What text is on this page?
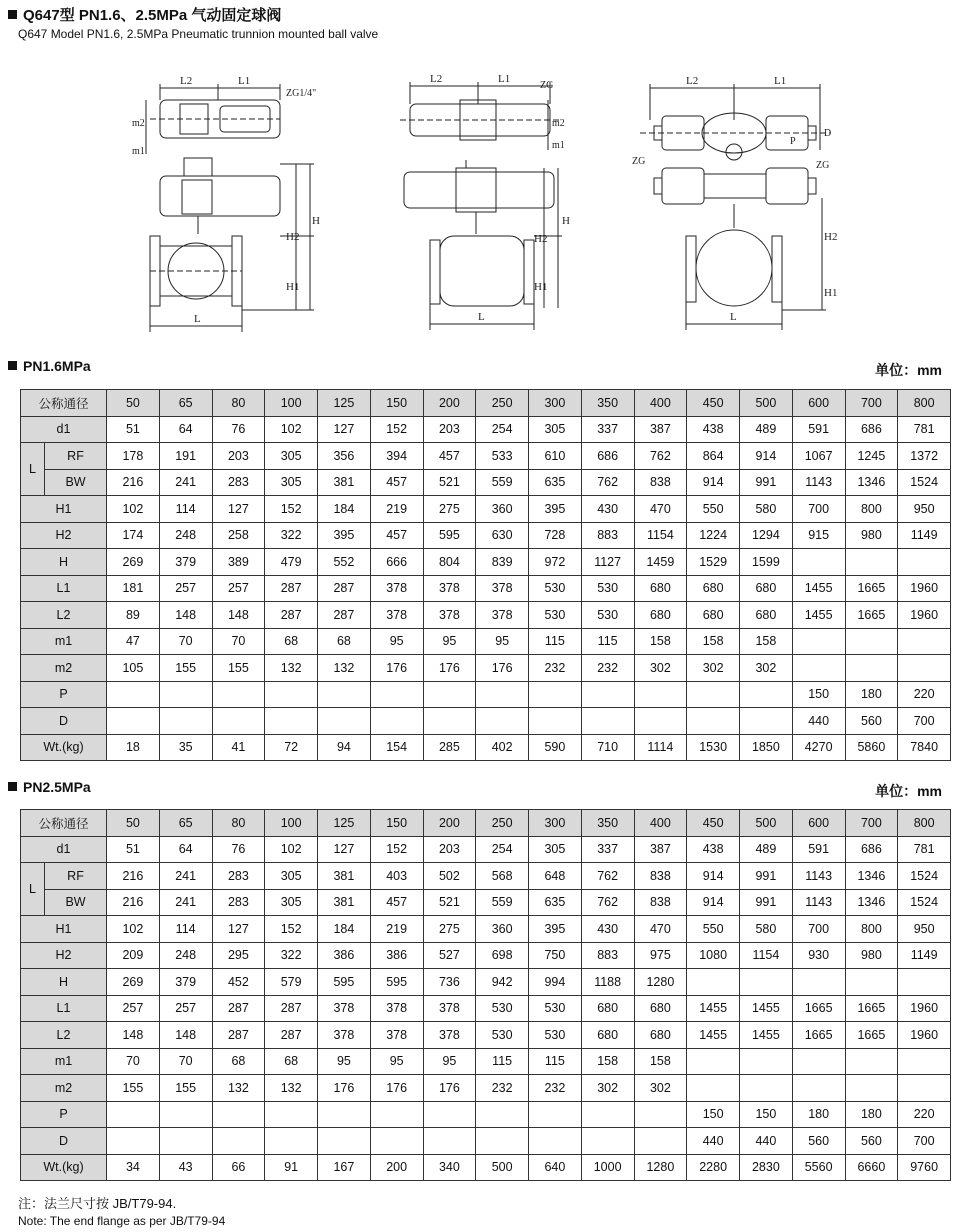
Q647型 PN1.6、2.5MPa 气动固定球阀
Q647 Model PN1.6, 2.5MPa Pneumatic trunnion mounted ball valve
L2	L1
ZG1/4"
m2
m1
H2
H
H1
L
L2	L1
ZG
m2
m1
H2
H
H1
L
L2	L1
P
D
ZG	ZG
H2
H1
L
PN1.6MPa	单位：mm
公称通径		50	65	80	100	125	150	200	250	300	350	400	450	500	600	700	800
d1		51	64	76	102	127	152	203	254	305	337	387	438	489	591	686	781
L	RF	178	191	203	305	356	394	457	533	610	686	762	864	914	1067	1245	1372
	BW	216	241	283	305	381	457	521	559	635	762	838	914	991	1143	1346	1524
H1		102	114	127	152	184	219	275	360	395	430	470	550	580	700	800	950
H2		174	248	258	322	395	457	595	630	728	883	1154	1224	1294	915	980	1149
H		269	379	389	479	552	666	804	839	972	1127	1459	1529	1599			
L1		181	257	257	287	287	378	378	378	530	530	680	680	680	1455	1665	1960
L2		89	148	148	287	287	378	378	378	530	530	680	680	680	1455	1665	1960
m1		47	70	70	68	68	95	95	95	115	115	158	158	158			
m2		105	155	155	132	132	176	176	176	232	232	302	302	302			
P															150	180	220
D															440	560	700
Wt.(kg)		18	35	41	72	94	154	285	402	590	710	1114	1530	1850	4270	5860	7840
PN2.5MPa	单位：mm
公称通径		50	65	80	100	125	150	200	250	300	350	400	450	500	600	700	800
d1		51	64	76	102	127	152	203	254	305	337	387	438	489	591	686	781
L	RF	216	241	283	305	381	403	502	568	648	762	838	914	991	1143	1346	1524
	BW	216	241	283	305	381	457	521	559	635	762	838	914	991	1143	1346	1524
H1		102	114	127	152	184	219	275	360	395	430	470	550	580	700	800	950
H2		209	248	295	322	386	386	527	698	750	883	975	1080	1154	930	980	1149
H		269	379	452	579	595	595	736	942	994	1188	1280					
L1		257	257	287	287	378	378	378	530	530	680	680	1455	1455	1665	1665	1960
L2		148	148	287	287	378	378	378	530	530	680	680	1455	1455	1665	1665	1960
m1		70	70	68	68	95	95	95	115	115	158	158					
m2		155	155	132	132	176	176	176	232	232	302	302					
P													150	150	180	180	220
D													440	440	560	560	700
Wt.(kg)		34	43	66	91	167	200	340	500	640	1000	1280	2280	2830	5560	6660	9760
注：法兰尺寸按 JB/T79-94.
Note: The end flange as per JB/T79-94
